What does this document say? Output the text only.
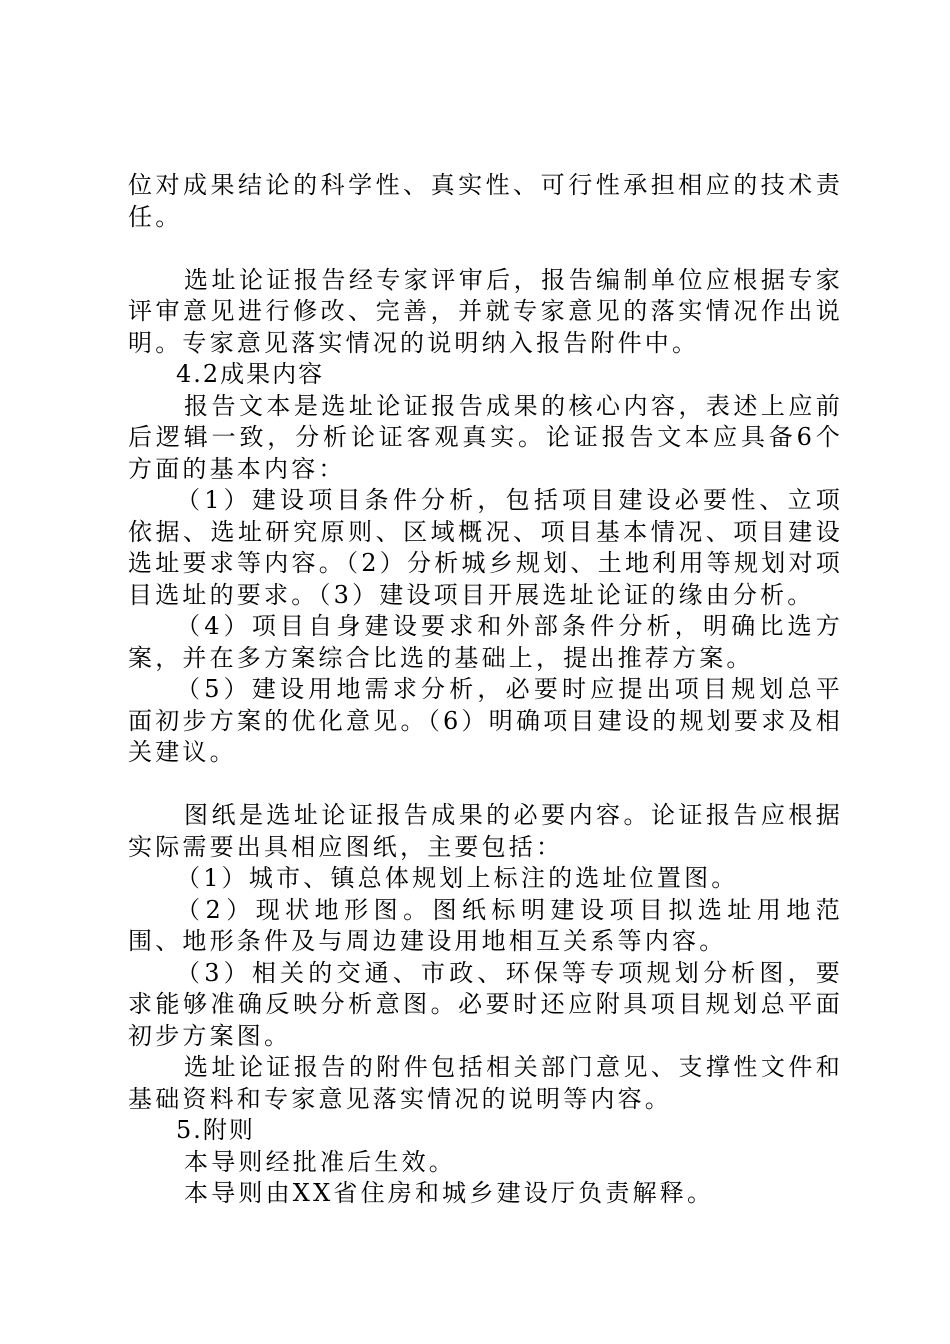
位对成果结论的科学性、真实性、可行性承担相应的技术责任。

选址论证报告经专家评审后，报告编制单位应根据专家评审意见进行修改、完善，并就专家意见的落实情况作出说明。专家意见落实情况的说明纳入报告附件中。

4.2成果内容

报告文本是选址论证报告成果的核心内容，表述上应前后逻辑一致，分析论证客观真实。论证报告文本应具备6个方面的基本内容：

（1）建设项目条件分析，包括项目建设必要性、立项依据、选址研究原则、区域概况、项目基本情况、项目建设选址要求等内容。（2）分析城乡规划、土地利用等规划对项目选址的要求。（3）建设项目开展选址论证的缘由分析。

（4）项目自身建设要求和外部条件分析，明确比选方案，并在多方案综合比选的基础上，提出推荐方案。

（5）建设用地需求分析，必要时应提出项目规划总平面初步方案的优化意见。（6）明确项目建设的规划要求及相关建议。

图纸是选址论证报告成果的必要内容。论证报告应根据实际需要出具相应图纸，主要包括：

（1）城市、镇总体规划上标注的选址位置图。

（2）现状地形图。图纸标明建设项目拟选址用地范围、地形条件及与周边建设用地相互关系等内容。

（3）相关的交通、市政、环保等专项规划分析图，要求能够准确反映分析意图。必要时还应附具项目规划总平面初步方案图。

选址论证报告的附件包括相关部门意见、支撑性文件和基础资料和专家意见落实情况的说明等内容。

5.附则

本导则经批准后生效。

本导则由XX省住房和城乡建设厅负责解释。
